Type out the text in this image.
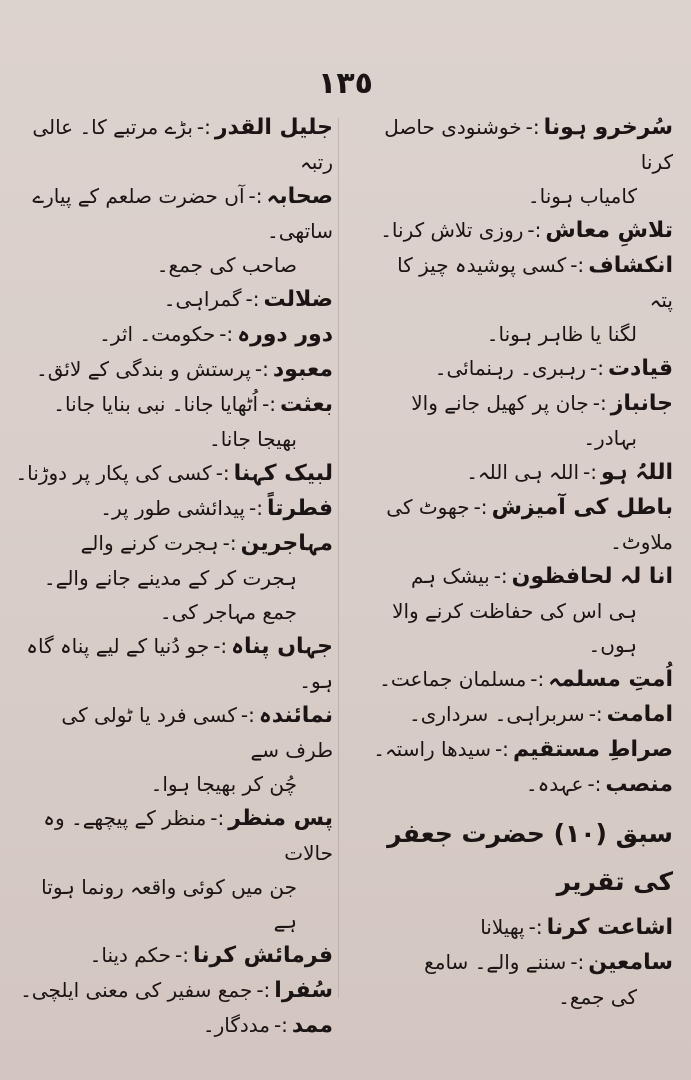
١٣٥
سُرخرو ہونا:-خوشنودی حاصل کرنا
کامیاب ہونا۔
تلاشِ معاش:-روزی تلاش کرنا۔
انکشاف:-کسی پوشیدہ چیز کا پتہ
لگنا یا ظاہر ہونا۔
قیادت:-رہبری۔ رہنمائی۔
جانباز:-جان پر کھیل جانے والا
بہادر۔
اللہُ ہو:-اللہ ہی اللہ۔
باطل کی آمیزش:-جھوٹ کی ملاوٹ۔
انا لہ لحافظون:-بیشک ہم
ہی اس کی حفاظت کرنے والا ہوں۔
اُمتِ مسلمہ:-مسلمان جماعت۔
امامت:-سربراہی۔ سرداری۔
صراطِ مستقیم:-سیدھا راستہ۔
منصب:-عہدہ۔
سبق (۱۰) حضرت جعفر کی تقریر
اشاعت کرنا:-پھیلانا
سامعین:-سننے والے۔ سامع
کی جمع۔
جلیل القدر:-بڑے مرتبے کا۔ عالی رتبہ
صحابہ:-آں حضرت صلعم کے پیارے ساتھی۔
صاحب کی جمع۔
ضلالت:-گمراہی۔
دور دورہ:-حکومت۔ اثر۔
معبود:-پرستش و بندگی کے لائق۔
بعثت:-اُٹھایا جانا۔ نبی بنایا جانا۔
بھیجا جانا۔
لبیک کہنا:-کسی کی پکار پر دوڑنا۔
فطرتاً:-پیدائشی طور پر۔
مہاجرین:-ہجرت کرنے والے
ہجرت کر کے مدینے جانے والے۔ جمع مہاجر کی۔
جہاں پناہ:-جو دُنیا کے لیے پناہ گاہ ہو۔
نمائندہ:-کسی فرد یا ٹولی کی طرف سے
چُن کر بھیجا ہوا۔
پس منظر:-منظر کے پیچھے۔ وہ حالات
جن میں کوئی واقعہ رونما ہوتا ہے
فرمائش کرنا:-حکم دینا۔
سُفرا:-جمع سفیر کی معنی ایلچی۔
ممد:-مددگار۔
